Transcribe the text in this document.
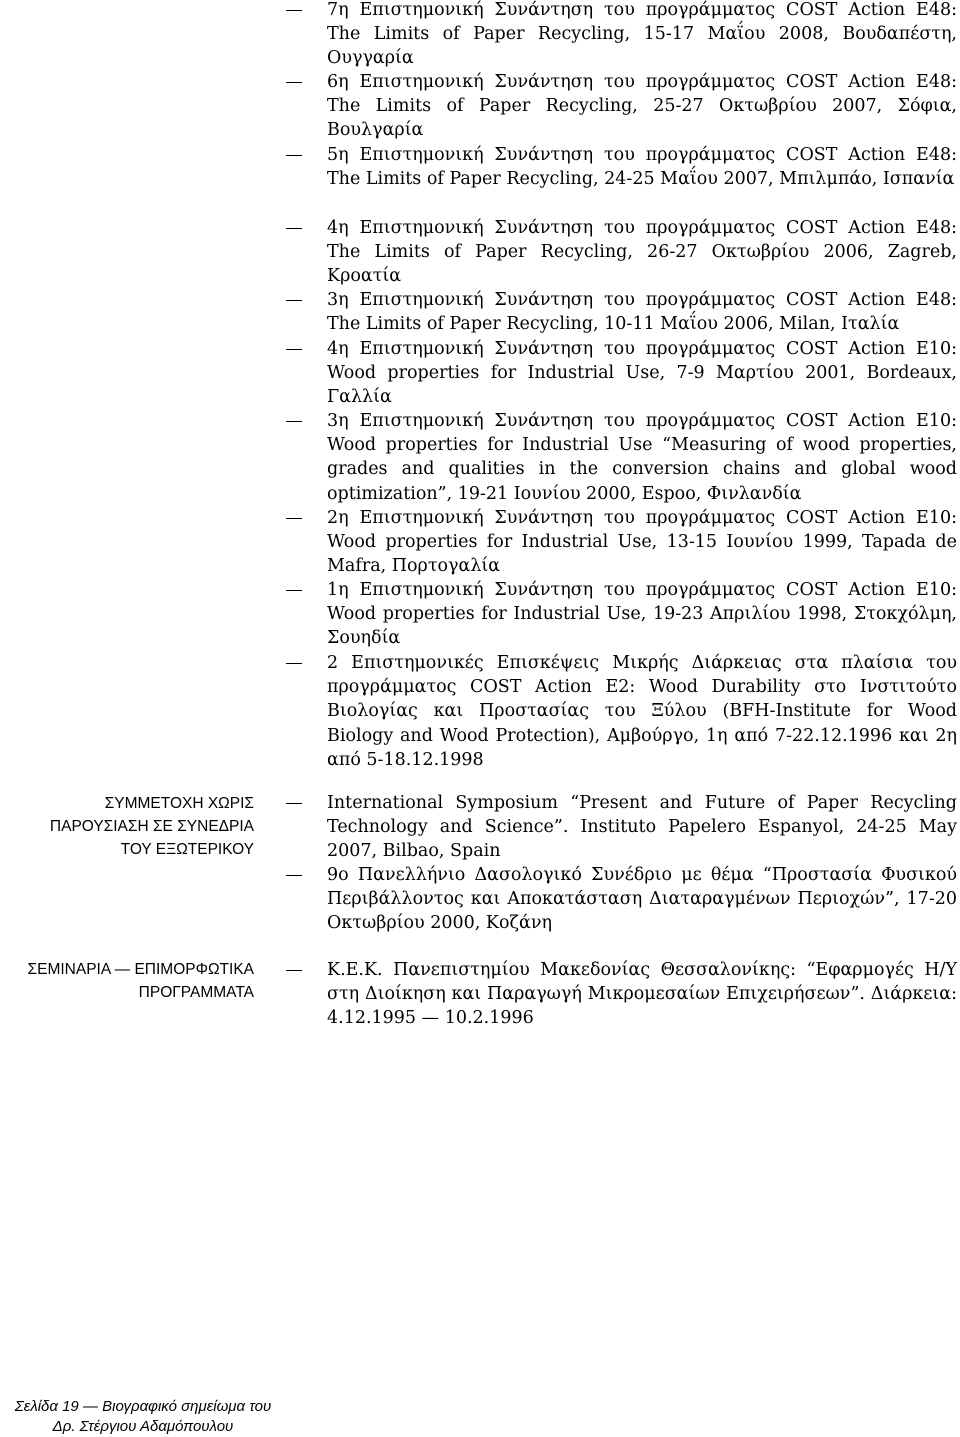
7η Επιστημονική Συνάντηση του προγράμματος COST Action E48: The Limits of Paper Recycling, 15-17 Μαΐου 2008, Βουδαπέστη, Ουγγαρία
6η Επιστημονική Συνάντηση του προγράμματος COST Action E48: The Limits of Paper Recycling, 25-27 Οκτωβρίου 2007, Σόφια, Βουλγαρία
5η Επιστημονική Συνάντηση του προγράμματος COST Action E48: The Limits of Paper Recycling, 24-25 Μαΐου 2007, Μπιλμπάο, Ισπανία
4η Επιστημονική Συνάντηση του προγράμματος COST Action E48: The Limits of Paper Recycling, 26-27 Οκτωβρίου 2006, Zagreb, Κροατία
3η Επιστημονική Συνάντηση του προγράμματος COST Action E48: The Limits of Paper Recycling, 10-11 Μαΐου 2006, Milan, Ιταλία
4η Επιστημονική Συνάντηση του προγράμματος COST Action E10: Wood properties for Industrial Use, 7-9 Μαρτίου 2001, Bordeaux, Γαλλία
3η Επιστημονική Συνάντηση του προγράμματος COST Action E10: Wood properties for Industrial Use “Measuring of wood properties, grades and qualities in the conversion chains and global wood optimization”, 19-21 Ιουνίου 2000, Espoo, Φινλανδία
2η Επιστημονική Συνάντηση του προγράμματος COST Action E10: Wood properties for Industrial Use, 13-15 Ιουνίου 1999, Tapada de Mafra, Πορτογαλία
1η Επιστημονική Συνάντηση του προγράμματος COST Action E10: Wood properties for Industrial Use, 19-23 Απριλίου 1998, Στοκχόλμη, Σουηδία
2 Επιστημονικές Επισκέψεις Μικρής Διάρκειας στα πλαίσια του προγράμματος COST Action E2: Wood Durability στο Ινστιτούτο Βιολογίας και Προστασίας του Ξύλου (BFH-Institute for Wood Biology and Wood Protection), Αμβούργο, 1η από 7-22.12.1996 και 2η από 5-18.12.1998
ΣΥΜΜΕΤΟΧΗ ΧΩΡΙΣ
ΠΑΡΟΥΣΙΑΣΗ ΣΕ ΣΥΝΕΔΡΙΑ
ΤΟΥ ΕΞΩΤΕΡΙΚΟΥ
International Symposium “Present and Future of Paper Recycling Technology and Science”. Instituto Papelero Espanyol, 24-25 May 2007, Bilbao, Spain
9ο Πανελλήνιο Δασολογικό Συνέδριο με θέμα “Προστασία Φυσικού Περιβάλλοντος και Αποκατάσταση Διαταραγμένων Περιοχών”, 17-20 Οκτωβρίου 2000, Κοζάνη
ΣΕΜΙΝΑΡΙΑ — ΕΠΙΜΟΡΦΩΤΙΚΑ
ΠΡΟΓΡΑΜΜΑΤΑ
Κ.Ε.Κ. Πανεπιστημίου Μακεδονίας Θεσσαλονίκης: “Εφαρμογές Η/Υ στη Διοίκηση και Παραγωγή Μικρομεσαίων Επιχειρήσεων”. Διάρκεια: 4.12.1995 — 10.2.1996
Σελίδα 19 — Βιογραφικό σημείωμα του
Δρ. Στέργιου Αδαμόπουλου
